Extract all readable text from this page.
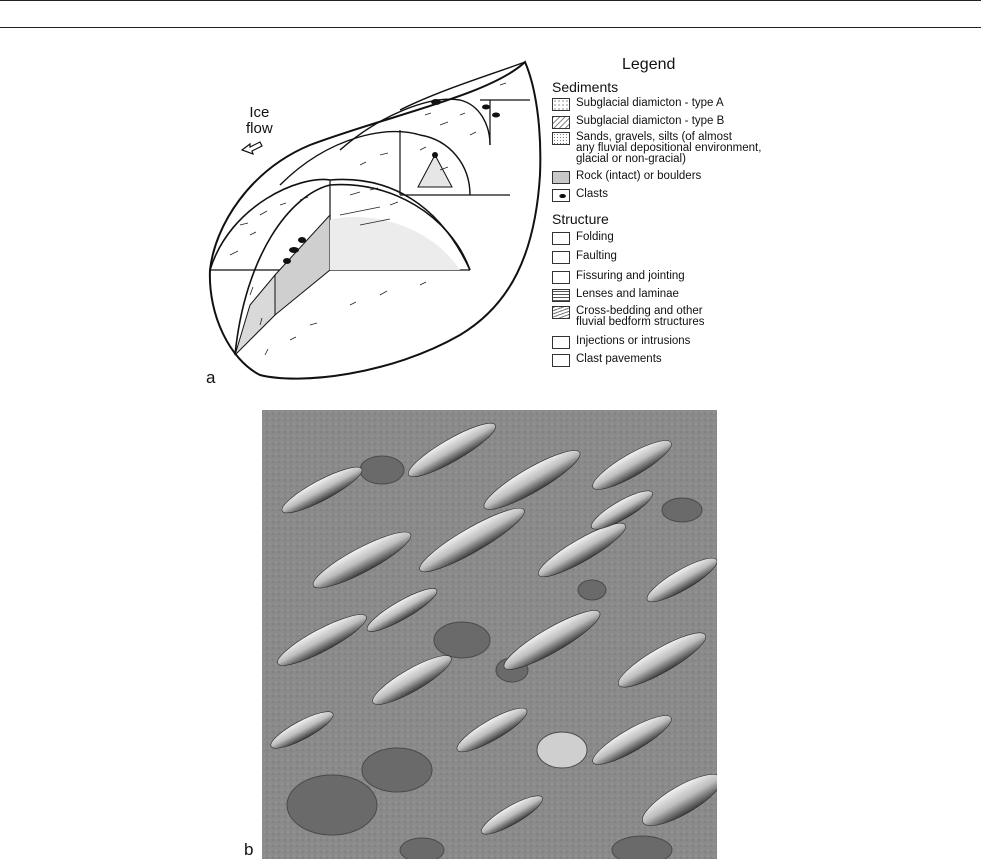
Ice
flow
a
Legend
Sediments
Subglacial diamicton - type A
Subglacial diamicton - type B
Sands, gravels, silts (of almost
any fluvial depositional environment,
glacial or non-gracial)
Rock (intact) or boulders
Clasts
Structure
Folding
Faulting
Fissuring and jointing
Lenses and laminae
Cross-bedding and other
fluvial bedform structures
Injections or intrusions
Clast pavements
b
